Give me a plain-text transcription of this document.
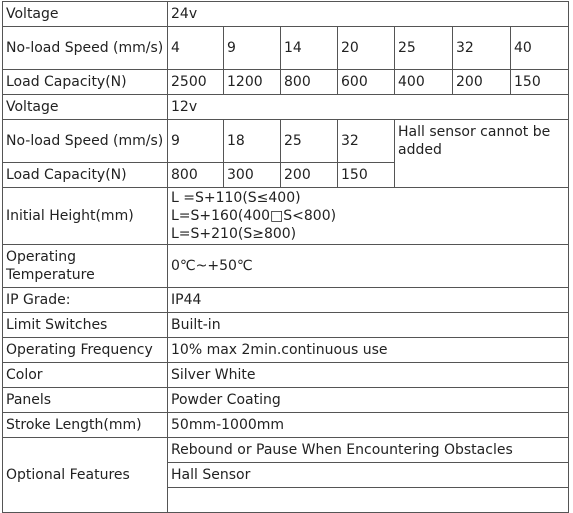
Voltage	24v						
No-load Speed (mm/s)	4	9	14	20	25	32	40
Load Capacity(N)	2500	1200	800	600	400	200	150
Voltage	12v						
No-load Speed (mm/s)	9	18	25	32	Hall sensor cannot be added		
Load Capacity(N)	800	300	200	150			
Initial Height(mm)	L =S+110(S≤400)
L=S+160(400□S<800)
L=S+210(S≥800)						

Operating Temperature	0℃~+50℃						
IP Grade:	IP44						
Limit Switches	Built-in						
Operating Frequency	10% max 2min.continuous use						
Color	Silver White						
Panels	Powder Coating						
Stroke Length(mm)	50mm-1000mm						
Optional Features	Rebound or Pause When Encountering Obstacles						
	Hall Sensor						
